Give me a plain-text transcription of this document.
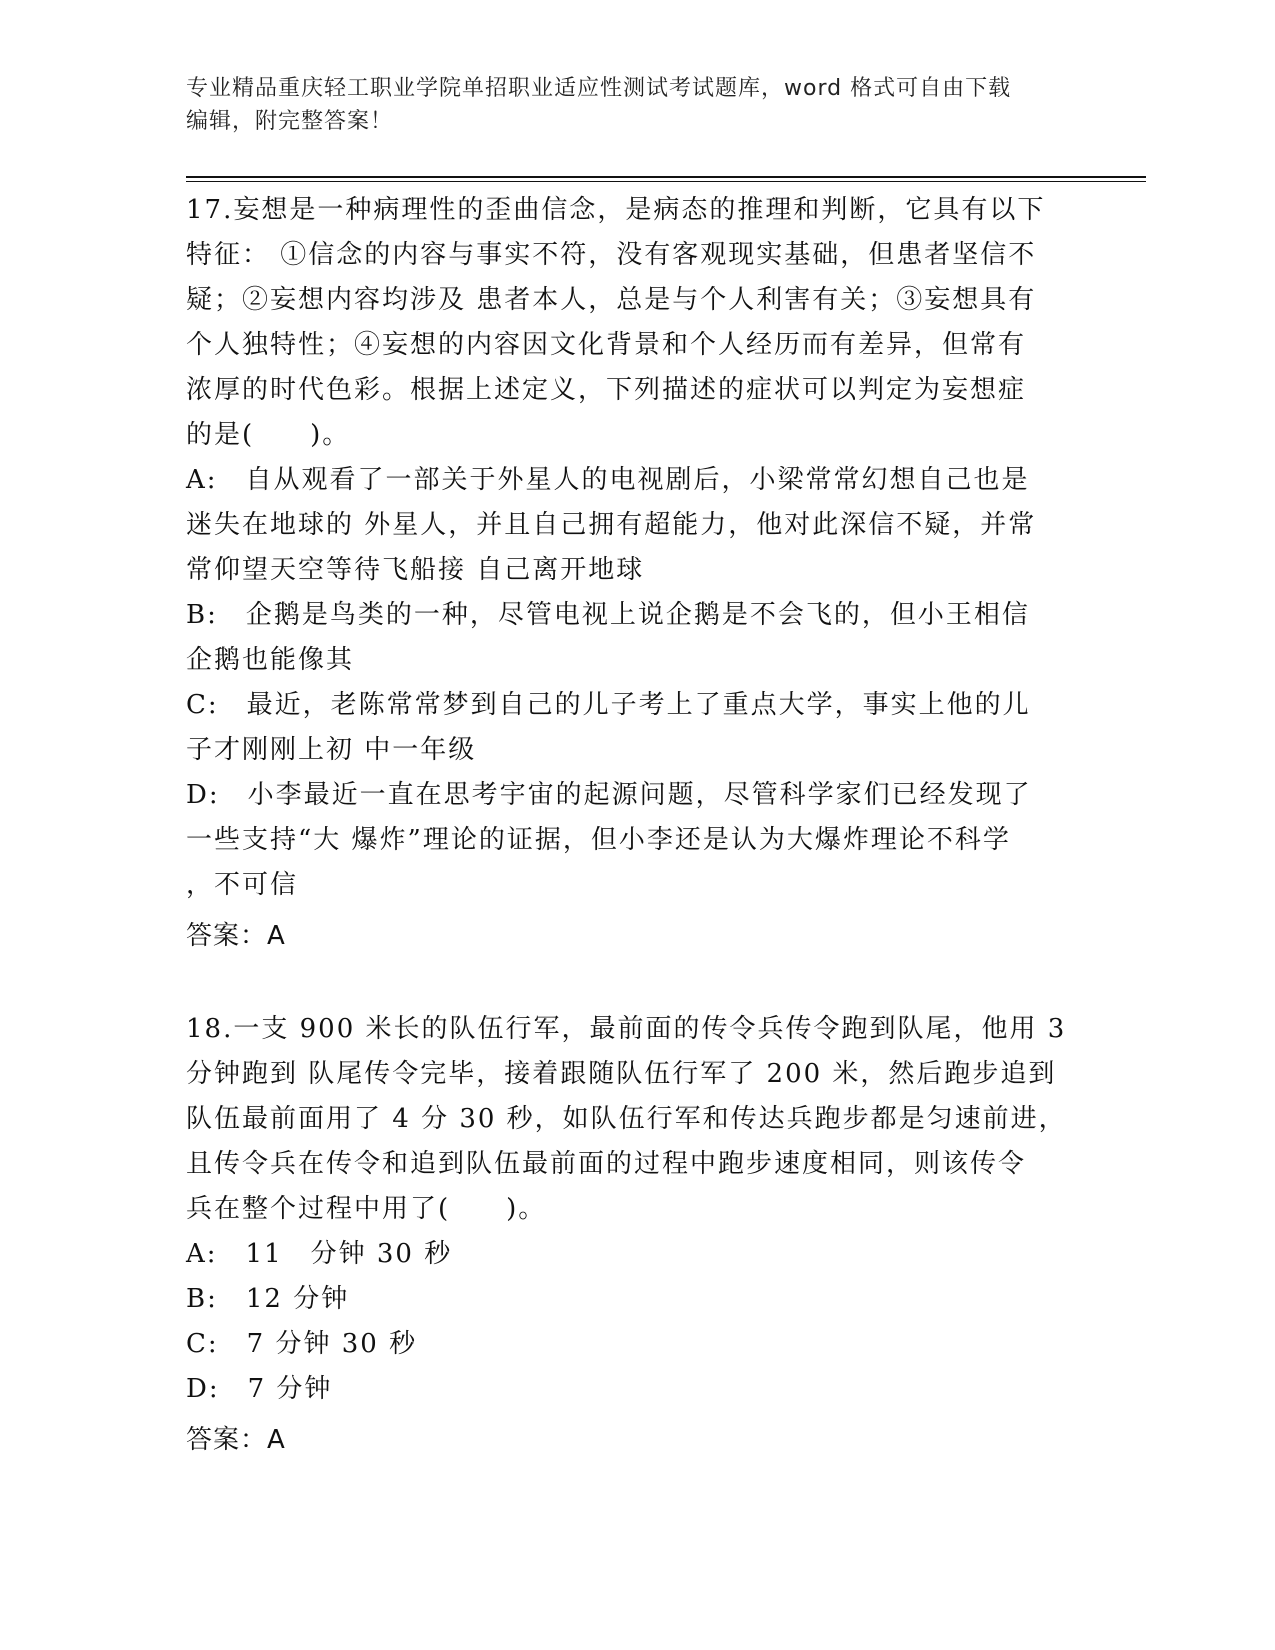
专业精品重庆轻工职业学院单招职业适应性测试考试题库，word 格式可自由下载
编辑，附完整答案！
17.妄想是一种病理性的歪曲信念，是病态的推理和判断，它具有以下
特征： ①信念的内容与事实不符，没有客观现实基础，但患者坚信不
疑；②妄想内容均涉及 患者本人，总是与个人利害有关；③妄想具有
个人独特性；④妄想的内容因文化背景和个人经历而有差异，但常有
浓厚的时代色彩。根据上述定义，下列描述的症状可以判定为妄想症
的是(　　)。
A:　自从观看了一部关于外星人的电视剧后，小梁常常幻想自己也是
迷失在地球的 外星人，并且自己拥有超能力，他对此深信不疑，并常
常仰望天空等待飞船接 自己离开地球
B:　企鹅是鸟类的一种，尽管电视上说企鹅是不会飞的，但小王相信
企鹅也能像其
C:　最近，老陈常常梦到自己的儿子考上了重点大学，事实上他的儿
子才刚刚上初 中一年级
D:　小李最近一直在思考宇宙的起源问题，尽管科学家们已经发现了
一些支持“大 爆炸”理论的证据，但小李还是认为大爆炸理论不科学
，不可信
答案：A
18.一支 900 米长的队伍行军，最前面的传令兵传令跑到队尾，他用 3
分钟跑到 队尾传令完毕，接着跟随队伍行军了 200 米，然后跑步追到
队伍最前面用了 4 分 30 秒，如队伍行军和传达兵跑步都是匀速前进，
且传令兵在传令和追到队伍最前面的过程中跑步速度相同，则该传令
兵在整个过程中用了(　　)。
A:　11　分钟 30 秒
B:　12 分钟
C:　7 分钟 30 秒
D:　7 分钟
答案：A
